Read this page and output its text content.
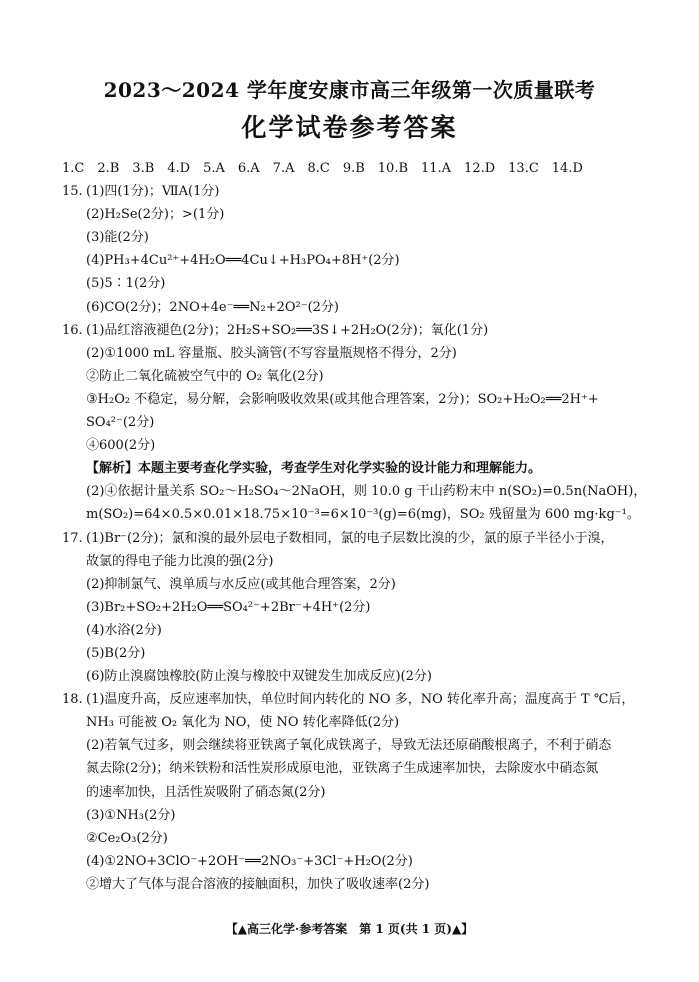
2023～2024 学年度安康市高三年级第一次质量联考
化学试卷参考答案
1.C　2.B　3.B　4.D　5.A　6.A　7.A　8.C　9.B　10.B　11.A　12.D　13.C　14.D
15. (1)四(1分)；ⅦA(1分)
(2)H₂Se(2分)；>(1分)
(3)能(2分)
(4)PH₃+4Cu²⁺+4H₂O══4Cu↓+H₃PO₄+8H⁺(2分)
(5)5∶1(2分)
(6)CO(2分)；2NO+4e⁻══N₂+2O²⁻(2分)
16. (1)品红溶液褪色(2分)；2H₂S+SO₂══3S↓+2H₂O(2分)；氧化(1分)
(2)①1000 mL 容量瓶、胶头滴管(不写容量瓶规格不得分，2分)
②防止二氧化硫被空气中的 O₂ 氧化(2分)
③H₂O₂ 不稳定，易分解，会影响吸收效果(或其他合理答案，2分)；SO₂+H₂O₂══2H⁺+
SO₄²⁻(2分)
④600(2分)
【解析】本题主要考查化学实验，考查学生对化学实验的设计能力和理解能力。
(2)④依据计量关系 SO₂～H₂SO₄～2NaOH，则 10.0 g 干山药粉末中 n(SO₂)=0.5n(NaOH)，
m(SO₂)=64×0.5×0.01×18.75×10⁻³=6×10⁻³(g)=6(mg)，SO₂ 残留量为 600 mg·kg⁻¹。
17. (1)Br⁻(2分)；氯和溴的最外层电子数相同，氯的电子层数比溴的少，氯的原子半径小于溴，
故氯的得电子能力比溴的强(2分)
(2)抑制氯气、溴单质与水反应(或其他合理答案，2分)
(3)Br₂+SO₂+2H₂O══SO₄²⁻+2Br⁻+4H⁺(2分)
(4)水浴(2分)
(5)B(2分)
(6)防止溴腐蚀橡胶(防止溴与橡胶中双键发生加成反应)(2分)
18. (1)温度升高，反应速率加快，单位时间内转化的 NO 多，NO 转化率升高；温度高于 T ℃后，
NH₃ 可能被 O₂ 氧化为 NO，使 NO 转化率降低(2分)
(2)若氧气过多，则会继续将亚铁离子氧化成铁离子，导致无法还原硝酸根离子，不利于硝态
氮去除(2分)；纳米铁粉和活性炭形成原电池，亚铁离子生成速率加快，去除废水中硝态氮
的速率加快，且活性炭吸附了硝态氮(2分)
(3)①NH₃(2分)
②Ce₂O₃(2分)
(4)①2NO+3ClO⁻+2OH⁻══2NO₃⁻+3Cl⁻+H₂O(2分)
②增大了气体与混合溶液的接触面积，加快了吸收速率(2分)
【▲高三化学·参考答案　第 1 页(共 1 页)▲】
